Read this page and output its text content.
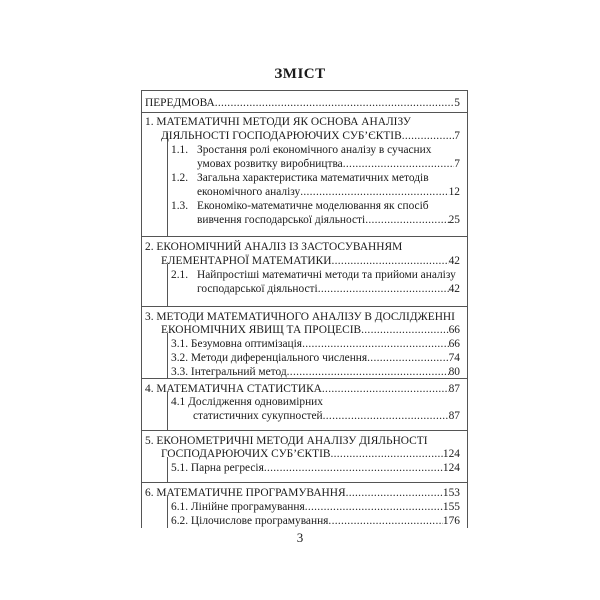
ЗМІСТ
ПЕРЕДМОВА .....	5
1. МАТЕМАТИЧНІ МЕТОДИ ЯК ОСНОВА АНАЛІЗУ
ДІЯЛЬНОСТІ ГОСПОДАРЮЮЧИХ СУБ’ЄКТІВ .....	7
1.1. Зростання ролі економічного аналізу в сучасних
умовах розвитку виробництва .....	7
1.2. Загальна характеристика математичних методів
економічного аналізу .....	12
1.3. Економіко-математичне моделювання як спосіб
вивчення господарської діяльності .....	25
2. ЕКОНОМІЧНИЙ АНАЛІЗ ІЗ ЗАСТОСУВАННЯМ
ЕЛЕМЕНТАРНОЇ МАТЕМАТИКИ .....	42
2.1. Найпростіші математичні методи та прийоми аналізу
господарської діяльності .....	42
3. МЕТОДИ МАТЕМАТИЧНОГО АНАЛІЗУ В ДОСЛІДЖЕННІ
ЕКОНОМІЧНИХ ЯВИЩ ТА ПРОЦЕСІВ .....	66
3.1. Безумовна оптимізація .....	66
3.2. Методи диференціального числення .....	74
3.3. Інтегральний метод .....	80
4. МАТЕМАТИЧНА СТАТИСТИКА .....	87
4.1 Дослідження одновимірних
статистичних сукупностей .....	87
5. ЕКОНОМЕТРИЧНІ МЕТОДИ АНАЛІЗУ ДІЯЛЬНОСТІ
ГОСПОДАРЮЮЧИХ СУБ’ЄКТІВ .....	124
5.1. Парна регресія .....	124
6. МАТЕМАТИЧНЕ ПРОГРАМУВАННЯ .....	153
6.1. Лінійне програмування .....	155
6.2. Цілочислове програмування .....	176
3
